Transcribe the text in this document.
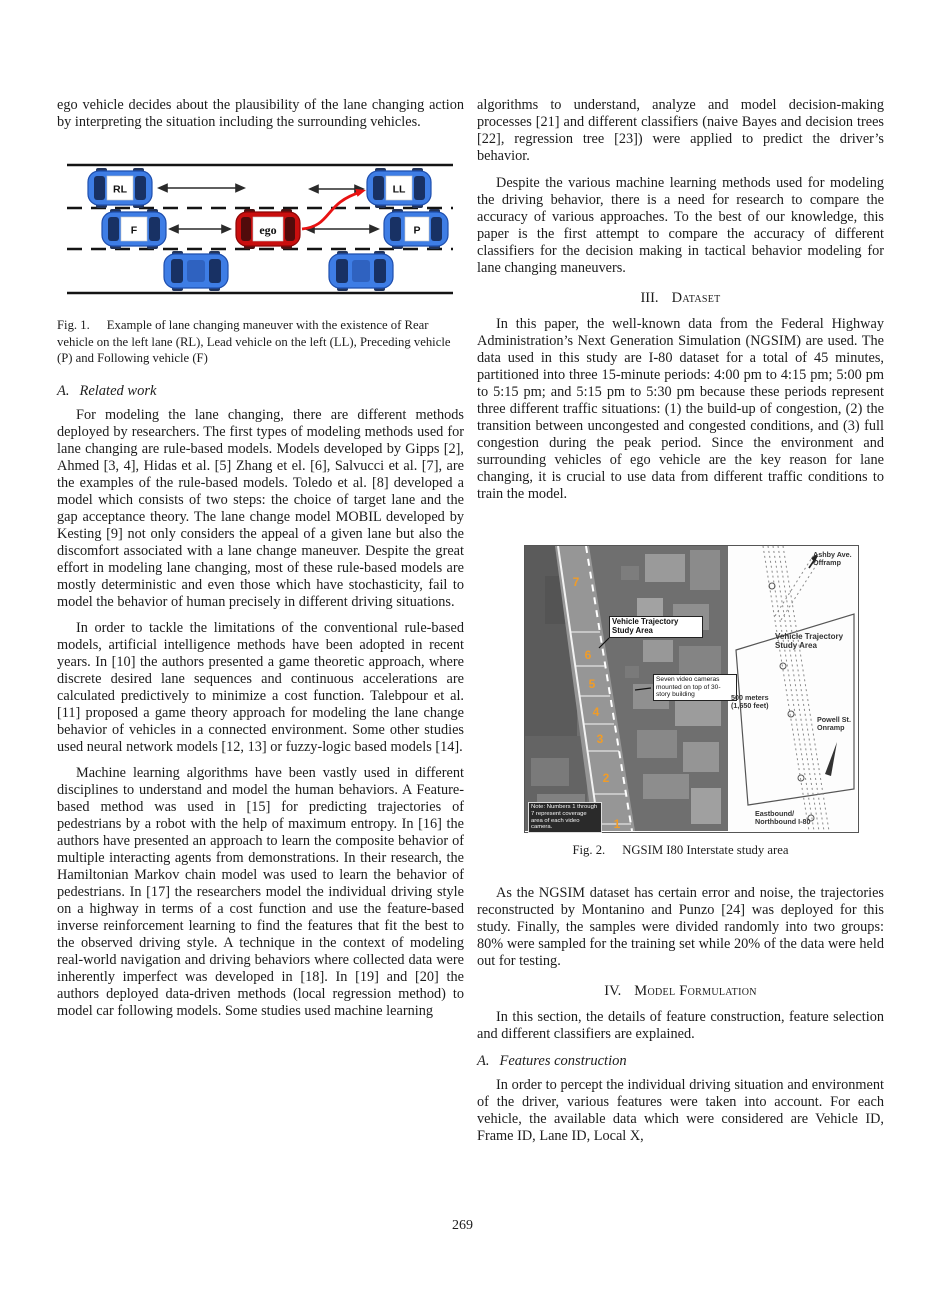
ego vehicle decides about the plausibility of the lane changing action by interpreting the situation including the surrounding vehicles.

RL	LL
F	ego	P

Fig. 1. Example of lane changing maneuver with the existence of Rear vehicle on the left lane (RL), Lead vehicle on the left (LL), Preceding vehicle (P) and Following vehicle (F)

A. Related work

For modeling the lane changing, there are different methods deployed by researchers. The first types of modeling methods used for lane changing are rule-based models. Models developed by Gipps [2], Ahmed [3, 4], Hidas et al. [5] Zhang et el. [6], Salvucci et al. [7], are the examples of the rule-based models. Toledo et al. [8] developed a model which consists of two steps: the choice of target lane and the gap acceptance theory. The lane change model MOBIL developed by Kesting [9] not only considers the appeal of a given lane but also the discomfort associated with a lane change maneuver. Despite the great effort in modeling lane changing, most of these rule-based models are mostly deterministic and even those which have stochasticity, fail to model the behavior of human precisely in different driving situations.

In order to tackle the limitations of the conventional rule-based models, artificial intelligence methods have been adopted in recent years. In [10] the authors presented a game theoretic approach, where discrete desired lane sequences and continuous accelerations are calculated predictively to minimize a cost function. Talebpour et al. [11] proposed a game theory approach for modeling the lane change behavior of vehicles in a connected environment. Some other studies used neural network models [12, 13] or fuzzy-logic based models [14].

Machine learning algorithms have been vastly used in different disciplines to understand and model the human behaviors. A Feature-based method was used in [15] for predicting trajectories of pedestrians by a robot with the help of maximum entropy. In [16] the authors have presented an approach to learn the composite behavior of multiple interacting agents from demonstrations. In their research, the Hamiltonian Markov chain model was used to learn the behavior of pedestrians. In [17] the researchers model the individual driving style on a highway in terms of a cost function and use the feature-based inverse reinforcement learning to find the features that fit the best to the observed driving style. A technique in the context of modeling real-world navigation and driving behaviors where collected data were inherently imperfect was developed in [18]. In [19] and [20] the authors deployed data-driven methods (local regression method) to model car following models. Some studies used machine learning

algorithms to understand, analyze and model decision-making processes [21] and different classifiers (naive Bayes and decision trees [22], regression tree [23]) were applied to predict the driver’s behavior.

Despite the various machine learning methods used for modeling the driving behavior, there is a need for research to compare the accuracy of various approaches. To the best of our knowledge, this paper is the first attempt to compare the accuracy of different classifiers for the decision making in tactical behavior modeling for lane changing maneuvers.

III. Dataset

In this paper, the well-known data from the Federal Highway Administration’s Next Generation Simulation (NGSIM) are used. The data used in this study are I-80 dataset for a total of 45 minutes, partitioned into three 15-minute periods: 4:00 pm to 4:15 pm; 5:00 pm to 5:15 pm; and 5:15 pm to 5:30 pm because these periods represent three different traffic situations: (1) the build-up of congestion, (2) the transition between uncongested and congested conditions, and (3) full congestion during the peak period. Since the environment and surrounding vehicles of ego vehicle are the key reason for lane changing, it is crucial to use data from different traffic conditions to train the model.

7
6
5
4
3
2
1
Vehicle Trajectory Study Area
Seven video cameras mounted on top of 30-story building
Note: Numbers 1 through 7 represent coverage area of each video camera.
Ashby Ave. Offramp
Vehicle Trajectory Study Area
500 meters (1,650 feet)
Powell St. Onramp
Eastbound/ Northbound I-80

Fig. 2. NGSIM I80 Interstate study area

As the NGSIM dataset has certain error and noise, the trajectories reconstructed by Montanino and Punzo [24] was deployed for this study. Finally, the samples were divided randomly into two groups: 80% were sampled for the training set while 20% of the data were held out for testing.

IV. Model Formulation

In this section, the details of feature construction, feature selection and different classifiers are explained.

A. Features construction

In order to percept the individual driving situation and environment of the driver, various features were taken into account. For each vehicle, the available data which were considered are Vehicle ID, Frame ID, Lane ID, Local X,

269
